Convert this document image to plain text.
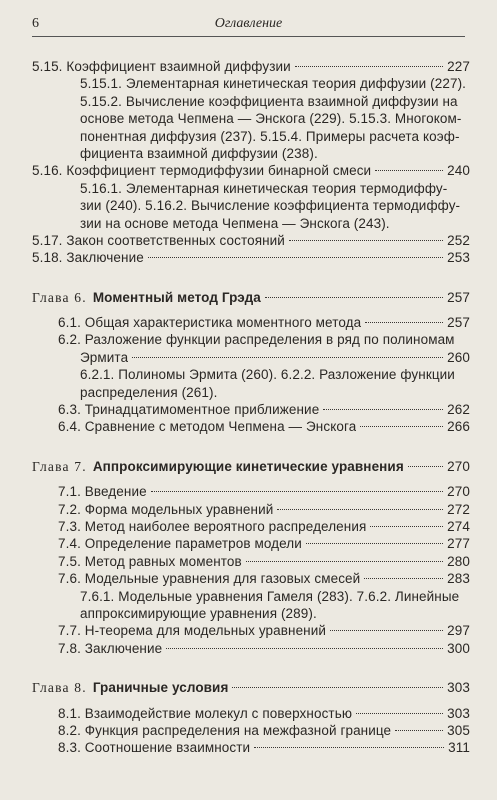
6	Оглавление
5.15. Коэффициент взаимной диффузии	227
5.15.1. Элементарная кинетическая теория диффузии (227).
5.15.2. Вычисление коэффициента взаимной диффузии на
основе метода Чепмена — Энскога (229). 5.15.3. Многоком-
понентная диффузия (237). 5.15.4. Примеры расчета коэф-
фициента взаимной диффузии (238).
5.16. Коэффициент термодиффузии бинарной смеси	240
5.16.1. Элементарная кинетическая теория термодиффу-
зии (240). 5.16.2. Вычисление коэффициента термодиффу-
зии на основе метода Чепмена — Энскога (243).
5.17. Закон соответственных состояний	252
5.18. Заключение	253
Глава 6. Моментный метод Грэда	257
6.1. Общая характеристика моментного метода	257
6.2. Разложение функции распределения в ряд по полиномам
Эрмита	260
6.2.1. Полиномы Эрмита (260). 6.2.2. Разложение функции
распределения (261).
6.3. Тринадцатимоментное приближение	262
6.4. Сравнение с методом Чепмена — Энскога	266
Глава 7. Аппроксимирующие кинетические уравнения	270
7.1. Введение	270
7.2. Форма модельных уравнений	272
7.3. Метод наиболее вероятного распределения	274
7.4. Определение параметров модели	277
7.5. Метод равных моментов	280
7.6. Модельные уравнения для газовых смесей	283
7.6.1. Модельные уравнения Гамеля (283). 7.6.2. Линейные
аппроксимирующие уравнения (289).
7.7. H-теорема для модельных уравнений	297
7.8. Заключение	300
Глава 8. Граничные условия	303
8.1. Взаимодействие молекул с поверхностью	303
8.2. Функция распределения на межфазной границе	305
8.3. Соотношение взаимности	311
